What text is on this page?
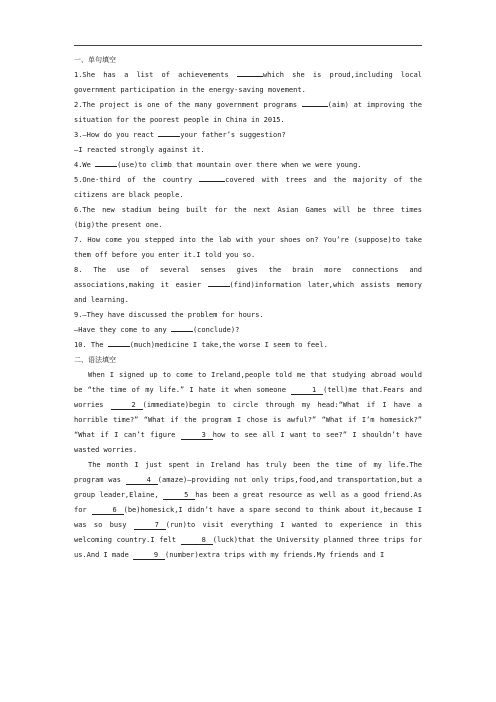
一、单句填空

1.She has a list of achievements	which she is proud,including local government participation in the energy-saving movement.

2.The project is one of the many government programs	(aim) at improving the situation for the poorest people in China in 2015.

3.—How do you react	your father’s suggestion?

—I reacted strongly against it.

4.We	(use)to climb that mountain over there when we were young.

5.One-third of the country	covered with trees and the majority of the citizens are black people.

6.The new stadium being built for the next Asian Games will be three times (big)the present one.

7. How come you stepped into the lab with your shoes on? You’re (suppose)to take them off before you enter it.I told you so.

8. The use of several senses gives the brain more connections and associations,making it easier	(find)information later,which assists memory and learning.

9.—They have discussed the problem for hours.

—Have they come to any	(conclude)?

10. The	(much)medicine I take,the worse I seem to feel.

二、语法填空

When I signed up to come to Ireland,people told me that studying abroad would be “the time of my life.” I hate it when someone	1 (tell)me that.Fears and worries	2 (immediate)begin to circle through my head:“What if I have a horrible time?” “What if the program I chose is awful?” “What if I’m homesick?” “What if I can’t figure	3 how to see all I want to see?” I shouldn’t have wasted worries.

The month I just spent in Ireland has truly been the time of my life.The program was	4 (amaze)—providing not only trips,food,and transportation,but a group leader,Elaine,	5 has been a great resource as well as a good friend.As for	6 (be)homesick,I didn’t have a spare second to think about it,because I was so busy	7 (run)to visit everything I wanted to experience in this welcoming country.I felt	8 (luck)that the University planned three trips for us.And I made	9 (number)extra trips with my friends.My friends and I
